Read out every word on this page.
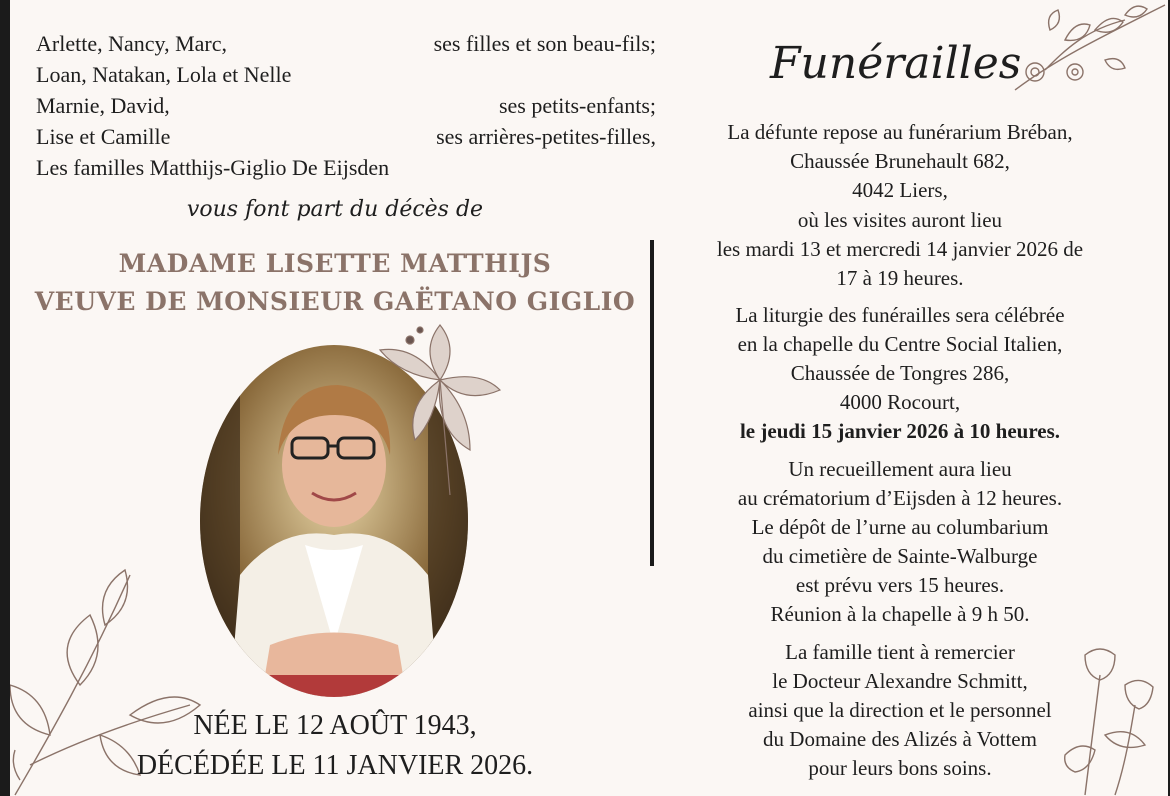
Arlette, Nancy, Marc,	ses filles et son beau-fils;
Loan, Natakan, Lola et Nelle
Marnie, David,	ses petits-enfants;
Lise et Camille	ses arrières-petites-filles,
Les familles Matthijs-Giglio De Eijsden
vous font part du décès de
MADAME LISETTE MATTHIJS
VEUVE DE MONSIEUR GAËTANO GIGLIO
NÉE LE 12 AOÛT 1943,
DÉCÉDÉE LE 11 JANVIER 2026.
Funérailles
La défunte repose au funérarium Bréban,
Chaussée Brunehault 682,
4042 Liers,
où les visites auront lieu
les mardi 13 et mercredi 14 janvier 2026 de
17 à 19 heures.
La liturgie des funérailles sera célébrée
en la chapelle du Centre Social Italien,
Chaussée de Tongres 286,
4000 Rocourt,
le jeudi 15 janvier 2026 à 10 heures.
Un recueillement aura lieu
au crématorium d’Eijsden à 12 heures.
Le dépôt de l’urne au columbarium
du cimetière de Sainte-Walburge
est prévu vers 15 heures.
Réunion à la chapelle à 9 h 50.
La famille tient à remercier
le Docteur Alexandre Schmitt,
ainsi que la direction et le personnel
du Domaine des Alizés à Vottem
pour leurs bons soins.
